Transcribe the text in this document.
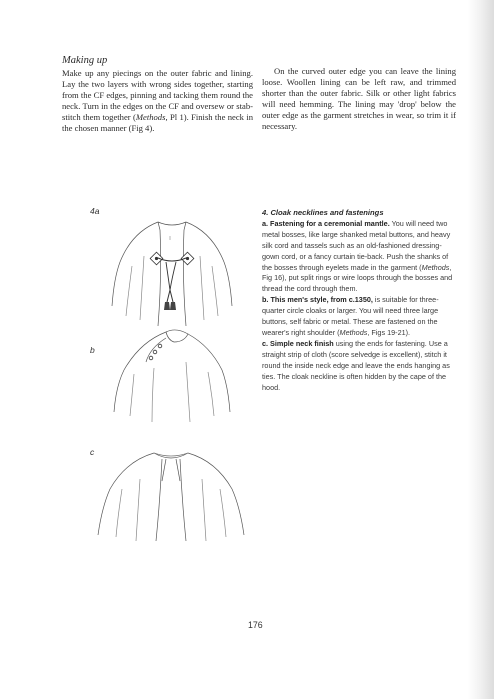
Making up

Make up any piecings on the outer fabric and lining. Lay the two layers with wrong sides together, starting from the CF edges, pinning and tacking them round the neck. Turn in the edges on the CF and oversew or stab-stitch them together (Methods, Pl 1). Finish the neck in the chosen manner (Fig 4).

On the curved outer edge you can leave the lining loose. Woollen lining can be left raw, and trimmed shorter than the outer fabric. Silk or other light fabrics will need hemming. The lining may 'drop' below the outer edge as the garment stretches in wear, so trim it if necessary.

4a
b
c
4. Cloak necklines and fastenings

a. Fastening for a ceremonial mantle. You will need two metal bosses, like large shanked metal buttons, and heavy silk cord and tassels such as an old-fashioned dressing-gown cord, or a fancy curtain tie-back. Push the shanks of the bosses through eyelets made in the garment (Methods, Fig 16), put split rings or wire loops through the bosses and thread the cord through them.

b. This men's style, from c.1350, is suitable for three-quarter circle cloaks or larger. You will need three large buttons, self fabric or metal. These are fastened on the wearer's right shoulder (Methods, Figs 19-21).

c. Simple neck finish using the ends for fastening. Use a straight strip of cloth (score selvedge is excellent), stitch it round the inside neck edge and leave the ends hanging as ties. The cloak neckline is often hidden by the cape of the hood.

176
